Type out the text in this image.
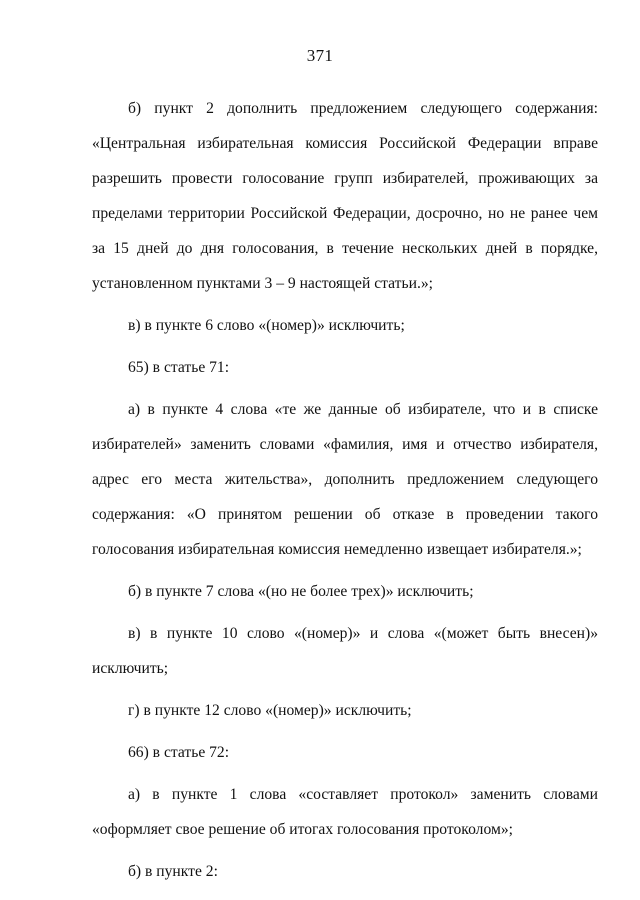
371

б) пункт 2 дополнить предложением следующего содержания: «Центральная избирательная комиссия Российской Федерации вправе разрешить провести голосование групп избирателей, проживающих за пределами территории Российской Федерации, досрочно, но не ранее чем за 15 дней до дня голосования, в течение нескольких дней в порядке, установленном пунктами 3 – 9 настоящей статьи.»;

в) в пункте 6 слово «(номер)» исключить;

65) в статье 71:

а) в пункте 4 слова «те же данные об избирателе, что и в списке избирателей» заменить словами «фамилия, имя и отчество избирателя, адрес его места жительства», дополнить предложением следующего содержания: «О принятом решении об отказе в проведении такого голосования избирательная комиссия немедленно извещает избирателя.»;

б) в пункте 7 слова «(но не более трех)» исключить;

в) в пункте 10 слово «(номер)» и слова «(может быть внесен)» исключить;

г) в пункте 12 слово «(номер)» исключить;

66) в статье 72:

а) в пункте 1 слова «составляет протокол» заменить словами «оформляет свое решение об итогах голосования протоколом»;

б) в пункте 2:
